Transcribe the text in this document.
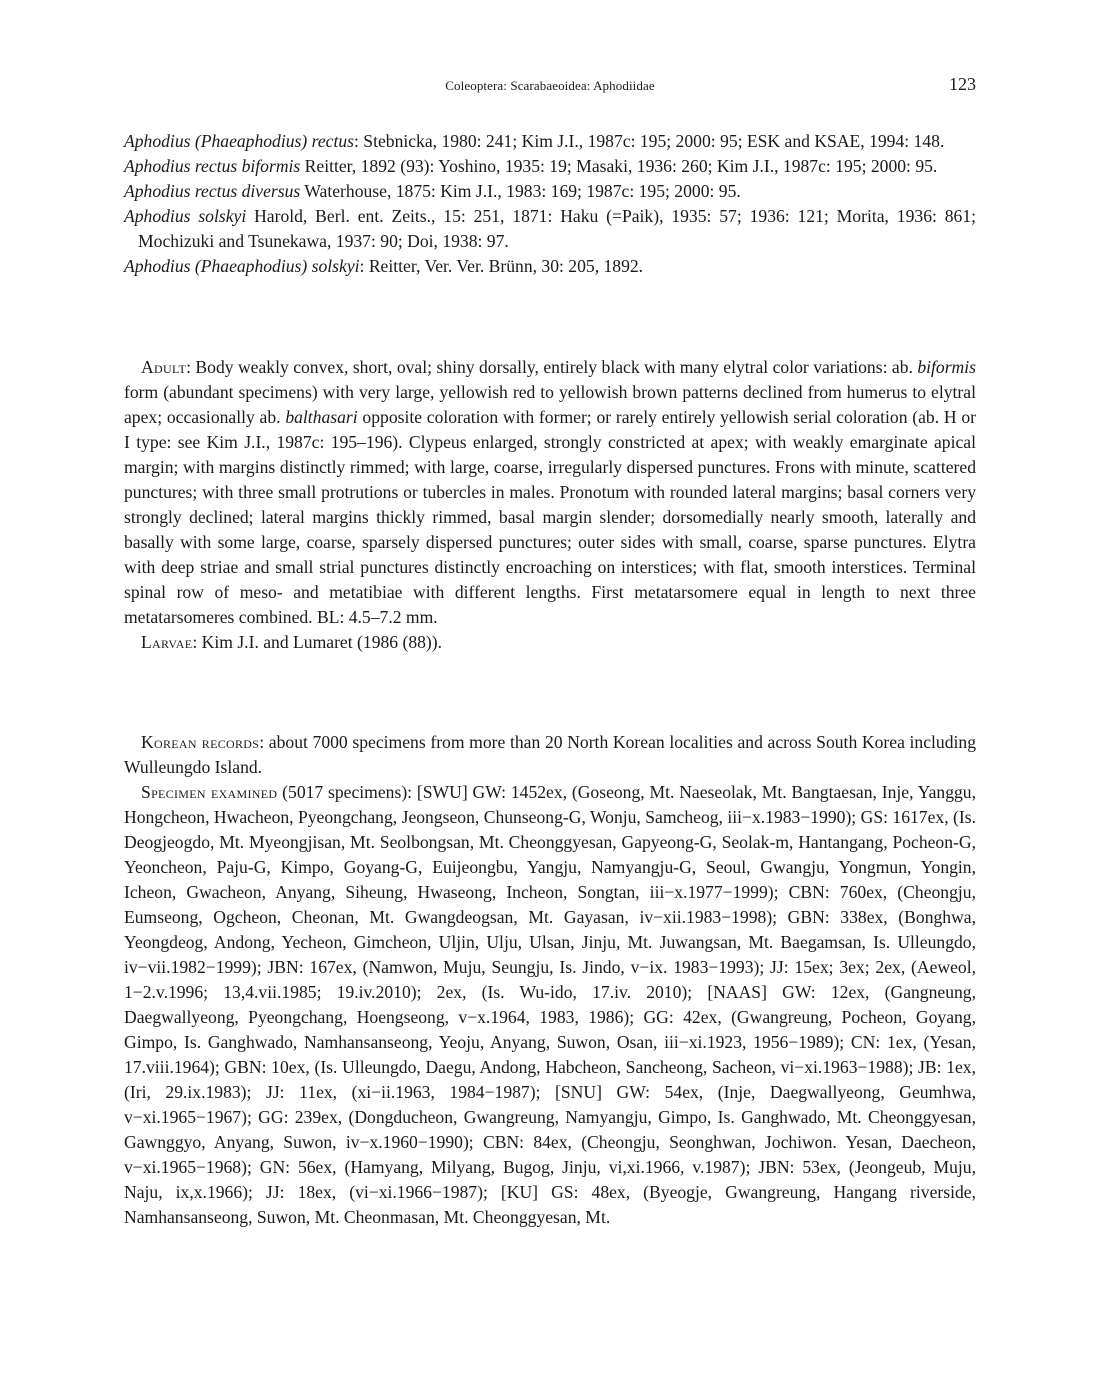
Coleoptera: Scarabaeoidea: Aphodiidae	123

Aphodius (Phaeaphodius) rectus: Stebnicka, 1980: 241; Kim J.I., 1987c: 195; 2000: 95; ESK and KSAE, 1994: 148.

Aphodius rectus biformis Reitter, 1892 (93): Yoshino, 1935: 19; Masaki, 1936: 260; Kim J.I., 1987c: 195; 2000: 95.

Aphodius rectus diversus Waterhouse, 1875: Kim J.I., 1983: 169; 1987c: 195; 2000: 95.

Aphodius solskyi Harold, Berl. ent. Zeits., 15: 251, 1871: Haku (=Paik), 1935: 57; 1936: 121; Morita, 1936: 861; Mochizuki and Tsunekawa, 1937: 90; Doi, 1938: 97.

Aphodius (Phaeaphodius) solskyi: Reitter, Ver. Ver. Brünn, 30: 205, 1892.

Adult: Body weakly convex, short, oval; shiny dorsally, entirely black with many elytral color variations: ab. biformis form (abundant specimens) with very large, yellowish red to yellowish brown patterns declined from humerus to elytral apex; occasionally ab. balthasari opposite coloration with former; or rarely entirely yellowish serial coloration (ab. H or I type: see Kim J.I., 1987c: 195–196). Clypeus enlarged, strongly constricted at apex; with weakly emarginate apical margin; with margins distinctly rimmed; with large, coarse, irregularly dispersed punctures. Frons with minute, scattered punctures; with three small protrutions or tubercles in males. Pronotum with rounded lateral margins; basal corners very strongly declined; lateral margins thickly rimmed, basal margin slender; dorsomedially nearly smooth, laterally and basally with some large, coarse, sparsely dispersed punctures; outer sides with small, coarse, sparse punctures. Elytra with deep striae and small strial punctures distinctly encroaching on interstices; with flat, smooth interstices. Terminal spinal row of meso- and metatibiae with different lengths. First metatarsomere equal in length to next three metatarsomeres combined. BL: 4.5–7.2 mm.

Larvae: Kim J.I. and Lumaret (1986 (88)).

Korean records: about 7000 specimens from more than 20 North Korean localities and across South Korea including Wulleungdo Island.

Specimen examined (5017 specimens): [SWU] GW: 1452ex, (Goseong, Mt. Naeseolak, Mt. Bangtaesan, Inje, Yanggu, Hongcheon, Hwacheon, Pyeongchang, Jeongseon, Chunseong-G, Wonju, Samcheog, iii−x.1983−1990); GS: 1617ex, (Is. Deogjeogdo, Mt. Myeongjisan, Mt. Seolbongsan, Mt. Cheonggyesan, Gapyeong-G, Seolak-m, Hantangang, Pocheon-G, Yeoncheon, Paju-G, Kimpo, Goyang-G, Euijeongbu, Yangju, Namyangju-G, Seoul, Gwangju, Yongmun, Yongin, Icheon, Gwacheon, Anyang, Siheung, Hwaseong, Incheon, Songtan, iii−x.1977−1999); CBN: 760ex, (Cheongju, Eumseong, Ogcheon, Cheonan, Mt. Gwangdeogsan, Mt. Gayasan, iv−xii.1983−1998); GBN: 338ex, (Bonghwa, Yeongdeog, Andong, Yecheon, Gimcheon, Uljin, Ulju, Ulsan, Jinju, Mt. Juwangsan, Mt. Baegamsan, Is. Ulleungdo, iv−vii.1982−1999); JBN: 167ex, (Namwon, Muju, Seungju, Is. Jindo, v−ix. 1983−1993); JJ: 15ex; 3ex; 2ex, (Aeweol, 1−2.v.1996; 13,4.vii.1985; 19.iv.2010); 2ex, (Is. Wu-ido, 17.iv. 2010); [NAAS] GW: 12ex, (Gangneung, Daegwallyeong, Pyeongchang, Hoengseong, v−x.1964, 1983, 1986); GG: 42ex, (Gwangreung, Pocheon, Goyang, Gimpo, Is. Ganghwado, Namhansanseong, Yeoju, Anyang, Suwon, Osan, iii−xi.1923, 1956−1989); CN: 1ex, (Yesan, 17.viii.1964); GBN: 10ex, (Is. Ulleungdo, Daegu, Andong, Habcheon, Sancheong, Sacheon, vi−xi.1963−1988); JB: 1ex, (Iri, 29.ix.1983); JJ: 11ex, (xi−ii.1963, 1984−1987); [SNU] GW: 54ex, (Inje, Daegwallyeong, Geumhwa, v−xi.1965−1967); GG: 239ex, (Dongducheon, Gwangreung, Namyangju, Gimpo, Is. Ganghwado, Mt. Cheonggyesan, Gawnggyo, Anyang, Suwon, iv−x.1960−1990); CBN: 84ex, (Cheongju, Seonghwan, Jochiwon. Yesan, Daecheon, v−xi.1965−1968); GN: 56ex, (Hamyang, Milyang, Bugog, Jinju, vi,xi.1966, v.1987); JBN: 53ex, (Jeongeub, Muju, Naju, ix,x.1966); JJ: 18ex, (vi−xi.1966−1987); [KU] GS: 48ex, (Byeogje, Gwangreung, Hangang riverside, Namhansanseong, Suwon, Mt. Cheonmasan, Mt. Cheonggyesan, Mt.
